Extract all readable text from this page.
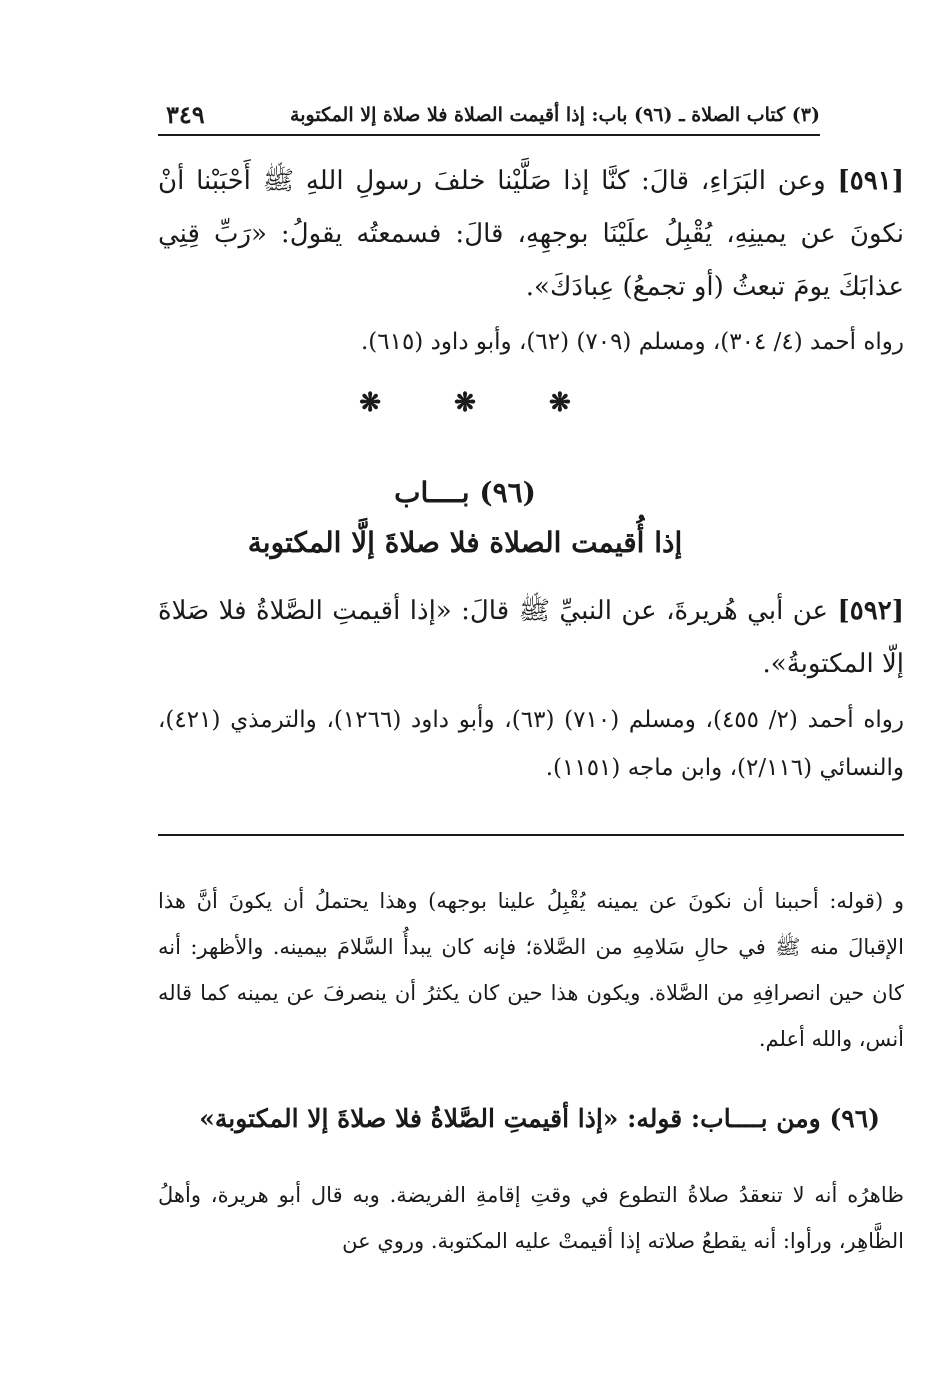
(٣) كتاب الصلاة ـ (٩٦) باب: إذا أقيمت الصلاة فلا صلاة إلا المكتوبة
٣٤٩

[٥٩١] وعن البَرَاءِ، قالَ: كنَّا إذا صَلَّيْنا خلفَ رسولِ اللهِ ﷺ أَحْبَبْنا أنْ نكونَ عن يمينِهِ، يُقْبِلُ علَيْنَا بوجهِهِ، قالَ: فسمعتُه يقولُ: «رَبِّ قِنِي عذابَكَ يومَ تبعثُ (أو تجمعُ) عِبادَكَ».

رواه أحمد (٤/ ٣٠٤)، ومسلم (٧٠٩) (٦٢)، وأبو داود (٦١٥).

❋	❋	❋
(٩٦) بــــاب
إذا أُقيمت الصلاة فلا صلاةَ إلَّا المكتوبة

[٥٩٢] عن أبي هُريرةَ، عن النبيِّ ﷺ قالَ: «إذا أقيمتِ الصَّلاةُ فلا صَلاةَ إلّا المكتوبةُ».

رواه أحمد (٢/ ٤٥٥)، ومسلم (٧١٠) (٦٣)، وأبو داود (١٢٦٦)، والترمذي (٤٢١)، والنسائي (٢/١١٦)، وابن ماجه (١١٥١).

و (قوله: أحببنا أن نكونَ عن يمينه يُقْبِلُ علينا بوجهه) وهذا يحتملُ أن يكونَ أنَّ هذا الإقبالَ منه ﷺ في حالِ سَلامِهِ من الصَّلاة؛ فإنه كان يبدأُ السَّلامَ بيمينه. والأظهر: أنه كان حين انصرافِهِ من الصَّلاة. ويكون هذا حين كان يكثرُ أن ينصرفَ عن يمينه كما قاله أنس، والله أعلم.

(٩٦) ومن بــــاب: قوله: «إذا أقيمتِ الصَّلاةُ فلا صلاةَ إلا المكتوبة»

ظاهرُه أنه لا تنعقدُ صلاةُ التطوع في وقتِ إقامةِ الفريضة. وبه قال أبو هريرة، وأهلُ الظَّاهِر، ورأوا: أنه يقطعُ صلاته إذا أقيمتْ عليه المكتوبة. وروي عن
